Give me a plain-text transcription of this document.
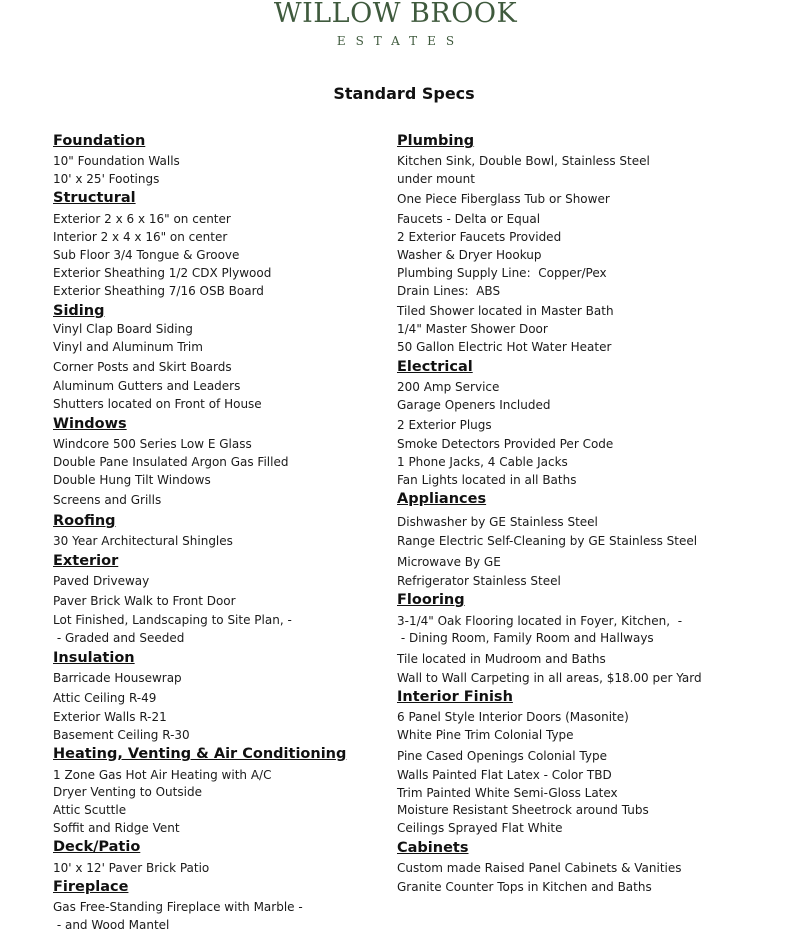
WILLOW BROOK
ESTATES
Standard Specs
Foundation
10" Foundation Walls
10' x 25' Footings
Structural
Exterior 2 x 6 x 16" on center
Interior 2 x 4 x 16" on center
Sub Floor 3/4 Tongue & Groove
Exterior Sheathing 1/2 CDX Plywood
Exterior Sheathing 7/16 OSB Board
Siding
Vinyl Clap Board Siding
Vinyl and Aluminum Trim
Corner Posts and Skirt Boards
Aluminum Gutters and Leaders
Shutters located on Front of House
Windows
Windcore 500 Series Low E Glass
Double Pane Insulated Argon Gas Filled
Double Hung Tilt Windows
Screens and Grills
Roofing
30 Year Architectural Shingles
Exterior
Paved Driveway
Paver Brick Walk to Front Door
Lot Finished, Landscaping to Site Plan, -
- Graded and Seeded
Insulation
Barricade Housewrap
Attic Ceiling R-49
Exterior Walls R-21
Basement Ceiling R-30
Heating, Venting & Air Conditioning
1 Zone Gas Hot Air Heating with A/C
Dryer Venting to Outside
Attic Scuttle
Soffit and Ridge Vent
Deck/Patio
10' x 12' Paver Brick Patio
Fireplace
Gas Free-Standing Fireplace with Marble -
- and Wood Mantel
Plumbing
Kitchen Sink, Double Bowl, Stainless Steel
under mount
One Piece Fiberglass Tub or Shower
Faucets - Delta or Equal
2 Exterior Faucets Provided
Washer & Dryer Hookup
Plumbing Supply Line:  Copper/Pex
Drain Lines:  ABS
Tiled Shower located in Master Bath
1/4" Master Shower Door
50 Gallon Electric Hot Water Heater
Electrical
200 Amp Service
Garage Openers Included
2 Exterior Plugs
Smoke Detectors Provided Per Code
1 Phone Jacks, 4 Cable Jacks
Fan Lights located in all Baths
Appliances
Dishwasher by GE Stainless Steel
Range Electric Self-Cleaning by GE Stainless Steel
Microwave By GE
Refrigerator Stainless Steel
Flooring
3-1/4" Oak Flooring located in Foyer, Kitchen,  -
- Dining Room, Family Room and Hallways
Tile located in Mudroom and Baths
Wall to Wall Carpeting in all areas, $18.00 per Yard
Interior Finish
6 Panel Style Interior Doors (Masonite)
White Pine Trim Colonial Type
Pine Cased Openings Colonial Type
Walls Painted Flat Latex - Color TBD
Trim Painted White Semi-Gloss Latex
Moisture Resistant Sheetrock around Tubs
Ceilings Sprayed Flat White
Cabinets
Custom made Raised Panel Cabinets & Vanities
Granite Counter Tops in Kitchen and Baths
